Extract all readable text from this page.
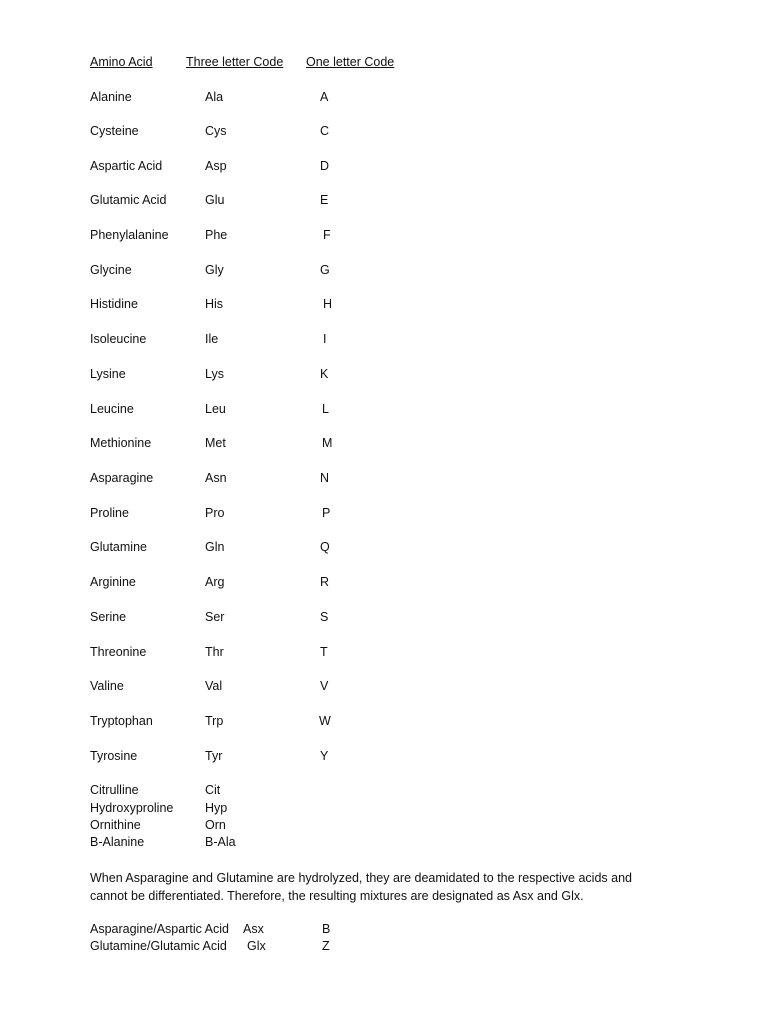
Amino Acid	Three letter Code One letter Code
Alanine	Ala	A
Cysteine	Cys	C
Aspartic Acid	Asp	D
Glutamic Acid	Glu	E
Phenylalanine	Phe	F
Glycine	Gly	G
Histidine	His	H
Isoleucine	Ile	I
Lysine	Lys	K
Leucine	Leu	L
Methionine	Met	M
Asparagine	Asn	N
Proline	Pro	P
Glutamine	Gln	Q
Arginine	Arg	R
Serine	Ser	S
Threonine	Thr	T
Valine	Val	V
Tryptophan	Trp	W
Tyrosine	Tyr	Y
Citrulline	Cit
Hydroxyproline	Hyp
Ornithine	Orn
B-Alanine	B-Ala
When Asparagine and Glutamine are hydrolyzed, they are deamidated to the respective acids and cannot be differentiated. Therefore, the resulting mixtures are designated as Asx and Glx.
Asparagine/Aspartic Acid Asx	B
Glutamine/Glutamic Acid Glx	Z
